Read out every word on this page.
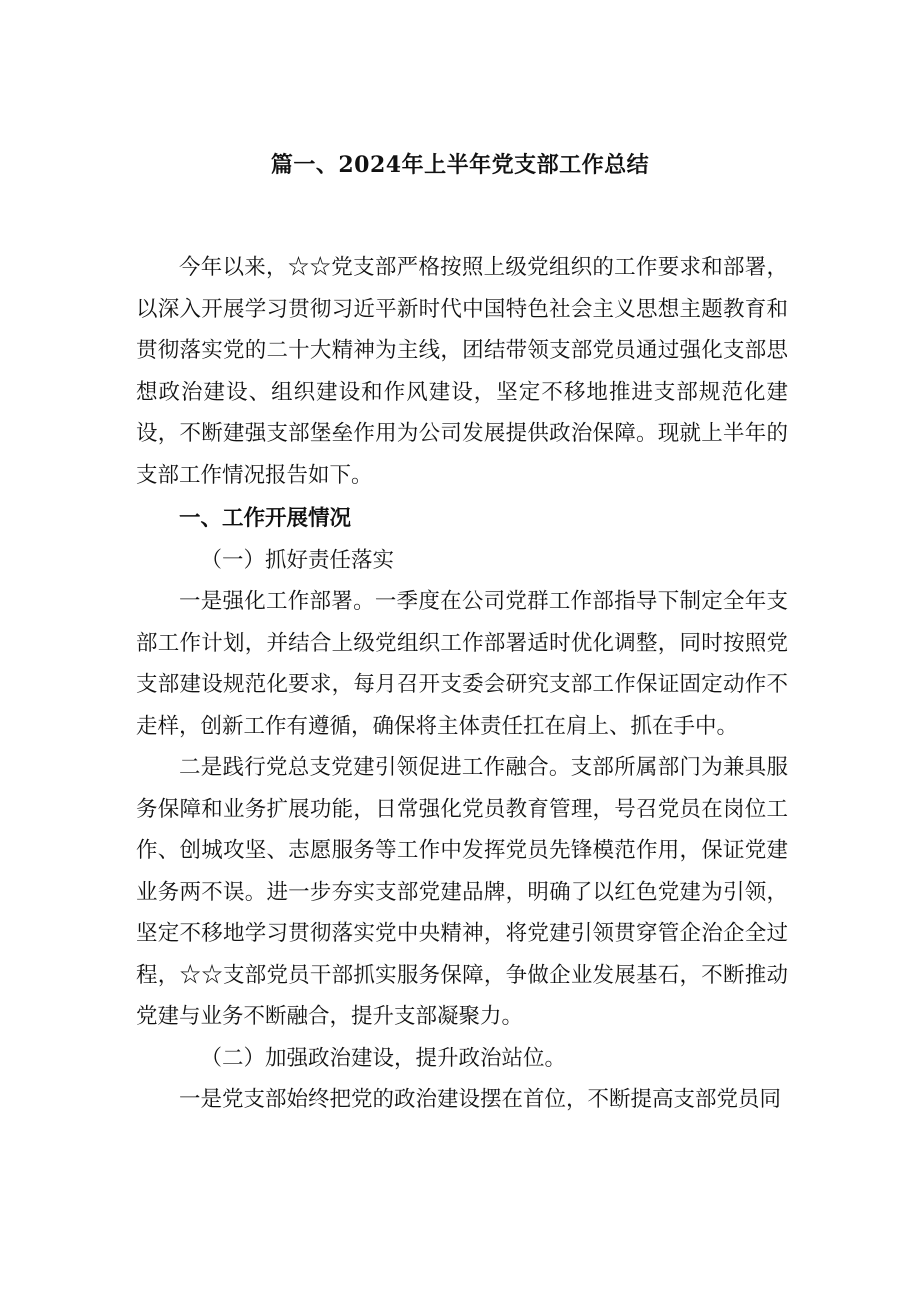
篇一、2024年上半年党支部工作总结

今年以来，☆☆党支部严格按照上级党组织的工作要求和部署，以深入开展学习贯彻习近平新时代中国特色社会主义思想主题教育和贯彻落实党的二十大精神为主线，团结带领支部党员通过强化支部思想政治建设、组织建设和作风建设，坚定不移地推进支部规范化建设，不断建强支部堡垒作用为公司发展提供政治保障。现就上半年的支部工作情况报告如下。

一、工作开展情况

（一）抓好责任落实

一是强化工作部署。一季度在公司党群工作部指导下制定全年支部工作计划，并结合上级党组织工作部署适时优化调整，同时按照党支部建设规范化要求，每月召开支委会研究支部工作保证固定动作不走样，创新工作有遵循，确保将主体责任扛在肩上、抓在手中。

二是践行党总支党建引领促进工作融合。支部所属部门为兼具服务保障和业务扩展功能，日常强化党员教育管理，号召党员在岗位工作、创城攻坚、志愿服务等工作中发挥党员先锋模范作用，保证党建业务两不误。进一步夯实支部党建品牌，明确了以红色党建为引领，坚定不移地学习贯彻落实党中央精神，将党建引领贯穿管企治企全过程，☆☆支部党员干部抓实服务保障，争做企业发展基石，不断推动党建与业务不断融合，提升支部凝聚力。

（二）加强政治建设，提升政治站位。

一是党支部始终把党的政治建设摆在首位，不断提高支部党员同
